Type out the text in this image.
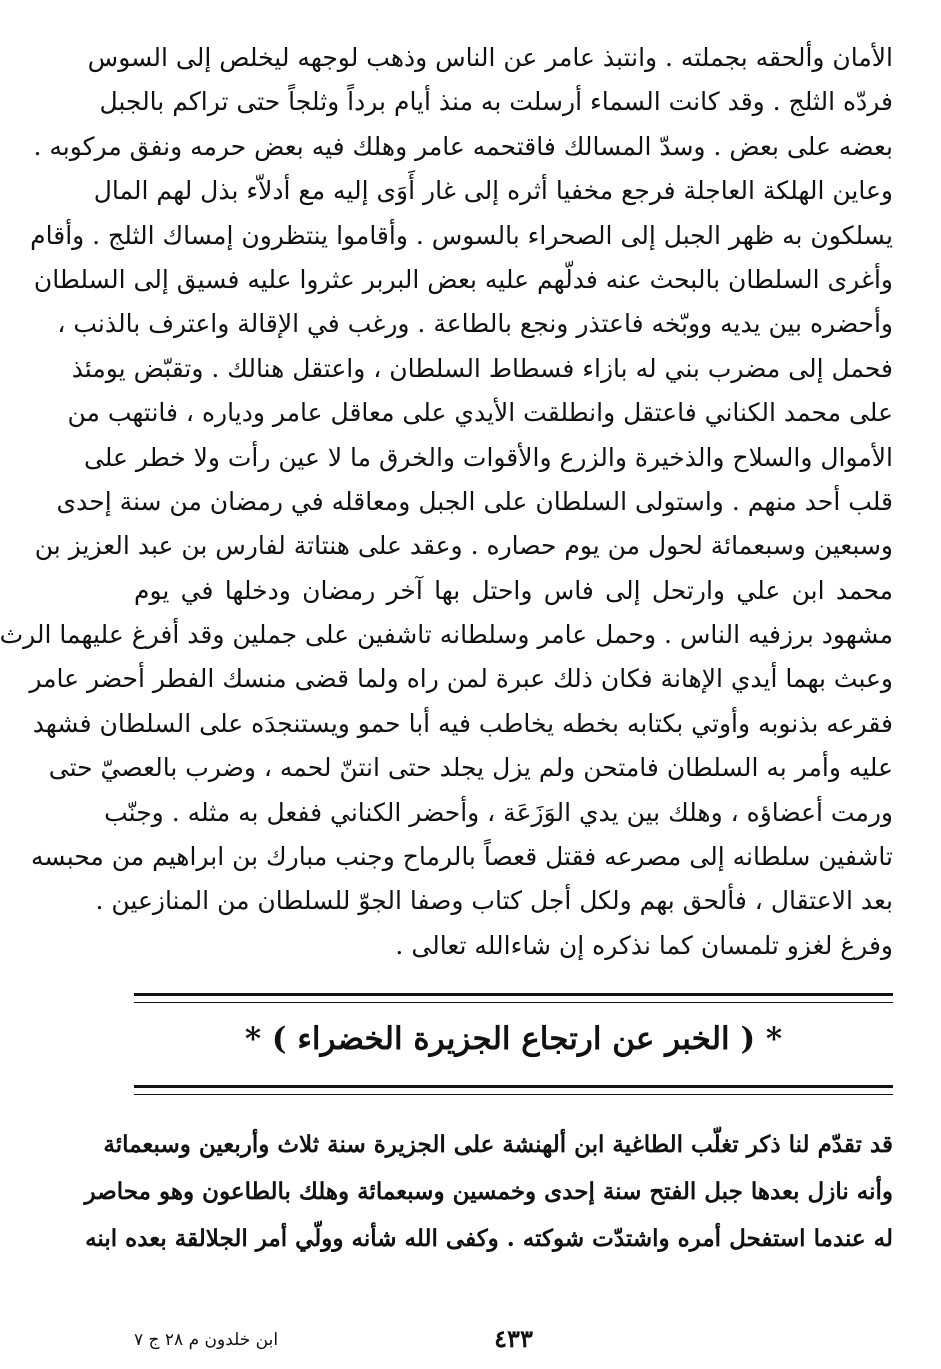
الأمان وألحقه بجملته . وانتبذ عامر عن الناس وذهب لوجهه ليخلص إلى السوس
فردّه الثلج . وقد كانت السماء أرسلت به منذ أيام برداً وثلجاً حتى تراكم بالجبل
بعضه على بعض . وسدّ المسالك فاقتحمه عامر وهلك فيه بعض حرمه ونفق مركوبه .
وعاين الهلكة العاجلة فرجع مخفيا أثره إلى غار أَوَى إليه مع أدلاّء بذل لهم المال
يسلكون به ظهر الجبل إلى الصحراء بالسوس . وأقاموا ينتظرون إمساك الثلج . وأقام
وأغرى السلطان بالبحث عنه فدلّهم عليه بعض البربر عثروا عليه فسيق إلى السلطان
وأحضره بين يديه ووبّخه فاعتذر ونجع بالطاعة . ورغب في الإقالة واعترف بالذنب ،
فحمل إلى مضرب بني له بازاء فسطاط السلطان ، واعتقل هنالك . وتقبّض يومئذ
على محمد الكناني فاعتقل وانطلقت الأيدي على معاقل عامر ودياره ، فانتهب من
الأموال والسلاح والذخيرة والزرع والأقوات والخرق ما لا عين رأت ولا خطر على
قلب أحد منهم . واستولى السلطان على الجبل ومعاقله في رمضان من سنة إحدى
وسبعين وسبعمائة لحول من يوم حصاره . وعقد على هنتاتة لفارس بن عبد العزيز بن
محمد ابن علي وارتحل إلى فاس واحتل بها آخر رمضان ودخلها في يوم
مشهود برزفيه الناس . وحمل عامر وسلطانه تاشفين على جملين وقد أفرغ عليهما الرث
وعبث بهما أيدي الإهانة فكان ذلك عبرة لمن راه ولما قضى منسك الفطر أحضر عامر
فقرعه بذنوبه وأوتي بكتابه بخطه يخاطب فيه أبا حمو ويستنجدَه على السلطان فشهد
عليه وأمر به السلطان فامتحن ولم يزل يجلد حتى انتنّ لحمه ، وضرب بالعصيّ حتى
ورمت أعضاؤه ، وهلك بين يدي الوَزَعَة ، وأحضر الكناني ففعل به مثله . وجنّب
تاشفين سلطانه إلى مصرعه فقتل قعصاً بالرماح وجنب مبارك بن ابراهيم من محبسه
بعد الاعتقال ، فألحق بهم ولكل أجل كتاب وصفا الجوّ للسلطان من المنازعين .
وفرغ لغزو تلمسان كما نذكره إن شاءالله تعالى .
* ( الخبر عن ارتجاع الجزيرة الخضراء ) *
قد تقدّم لنا ذكر تغلّب الطاغية ابن ألهنشة على الجزيرة سنة ثلاث وأربعين وسبعمائة
وأنه نازل بعدها جبل الفتح سنة إحدى وخمسين وسبعمائة وهلك بالطاعون وهو محاصر
له عندما استفحل أمره واشتدّت شوكته . وكفى الله شأنه وولّي أمر الجلالقة بعده ابنه
٤٣٣
ابن خلدون م ٢٨ ج ٧
